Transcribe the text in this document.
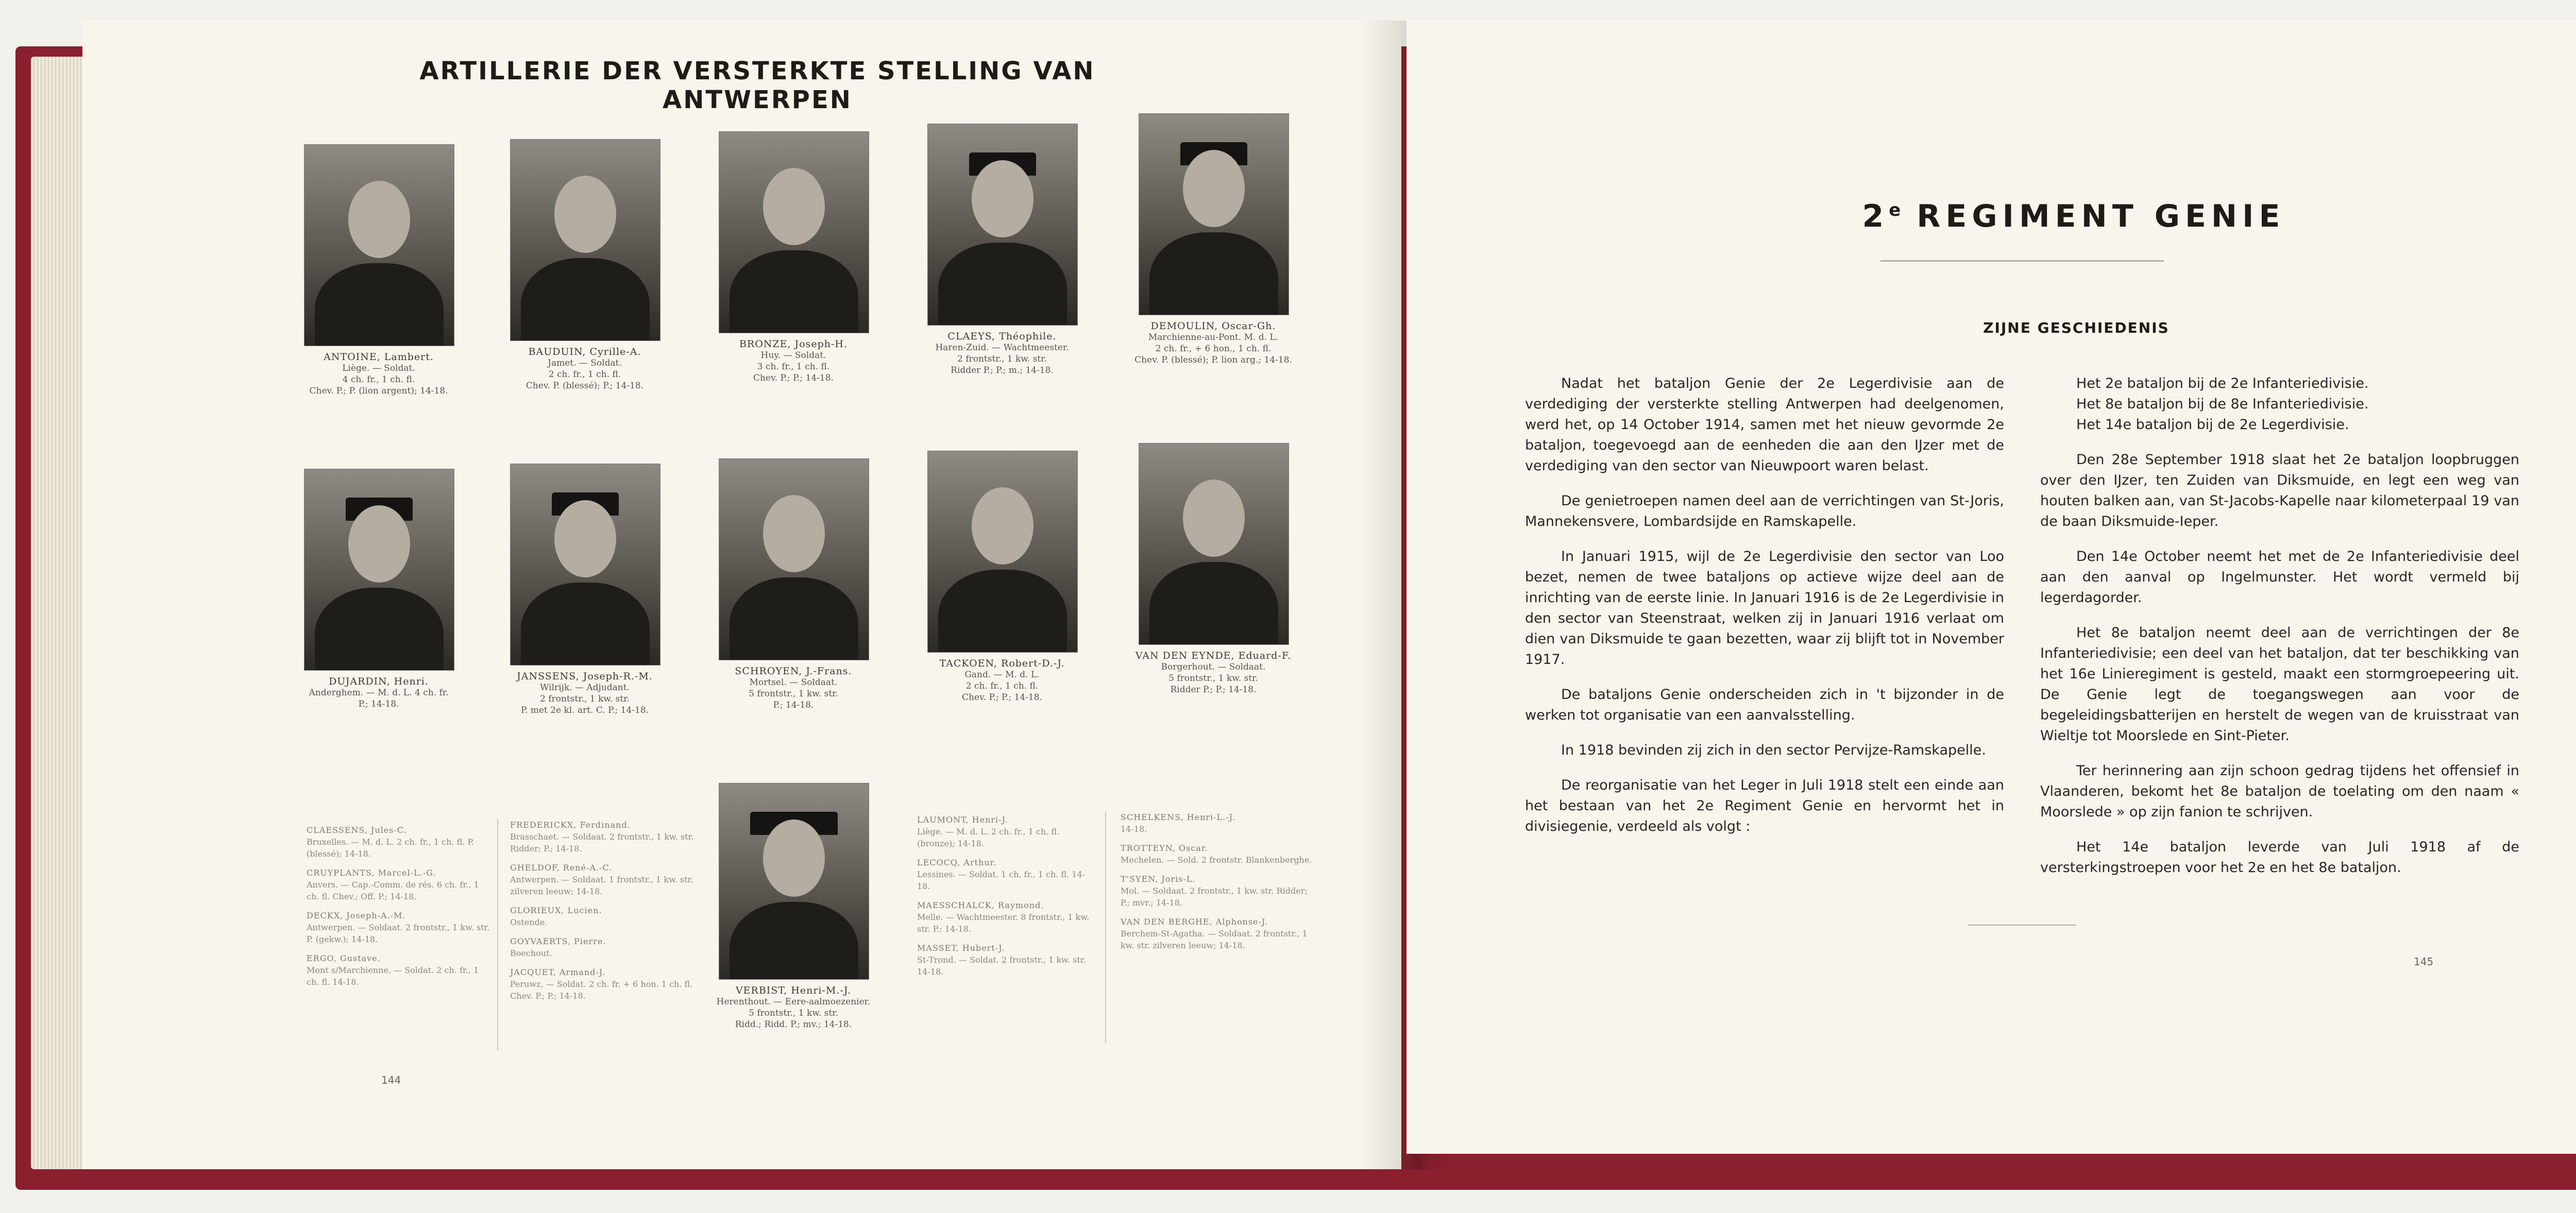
ARTILLERIE DER VERSTERKTE STELLING VAN ANTWERPEN
ANTOINE, Lambert.
Liège. — Soldat.
4 ch. fr., 1 ch. fl.
Chev. P.; P. (lion argent); 14-18.
BAUDUIN, Cyrille-A.
Jamet. — Soldat.
2 ch. fr., 1 ch. fl.
Chev. P. (blessé); P.; 14-18.
BRONZE, Joseph-H.
Huy. — Soldat.
3 ch. fr., 1 ch. fl.
Chev. P.; P.; 14-18.
CLAEYS, Théophile.
Haren-Zuid. — Wachtmeester.
2 frontstr., 1 kw. str.
Ridder P.; P.; m.; 14-18.
DEMOULIN, Oscar-Gh.
Marchienne-au-Pont. M. d. L.
2 ch. fr., + 6 hon., 1 ch. fl.
Chev. P. (blessé); P. lion arg.; 14-18.
DUJARDIN, Henri.
Anderghem. — M. d. L. 4 ch. fr.
P.; 14-18.
JANSSENS, Joseph-R.-M.
Wilrijk. — Adjudant.
2 frontstr., 1 kw. str.
P. met 2e kl. art. C. P.; 14-18.
SCHROYEN, J.-Frans.
Mortsel. — Soldaat.
5 frontstr., 1 kw. str.
P.; 14-18.
TACKOEN, Robert-D.-J.
Gand. — M. d. L.
2 ch. fr., 1 ch. fl.
Chev. P.; P.; 14-18.
VAN DEN EYNDE, Eduard-F.
Borgerhout. — Soldaat.
5 frontstr., 1 kw. str.
Ridder P.; P.; 14-18.

CLAESSENS, Jules-C.
Bruxelles. — M. d. L. 2 ch. fr., 1 ch. fl. P. (blessé); 14-18.

CRUYPLANTS, Marcel-L.-G.
Anvers. — Cap.-Comm. de rés. 6 ch. fr., 1 ch. fl. Chev.; Off. P.; 14-18.

DECKX, Joseph-A.-M.
Antwerpen. — Soldaat. 2 frontstr., 1 kw. str. P. (gekw.); 14-18.

ERGO, Gustave.
Mont s/Marchienne. — Soldat. 2 ch. fr., 1 ch. fl. 14-18.

FREDERICKX, Ferdinand.
Brasschaet. — Soldaat. 2 frontstr., 1 kw. str. Ridder; P.; 14-18.

GHELDOF, René-A.-C.
Antwerpen. — Soldaat. 1 frontstr., 1 kw. str. zilveren leeuw; 14-18.

GLORIEUX, Lucien.
Ostende.

GOYVAERTS, Pierre.
Boechout.

JACQUET, Armand-J.
Peruwz. — Soldat. 2 ch. fr. + 6 hon. 1 ch. fl. Chev. P.; P.; 14-18.	VERBIST, Henri-M.-J.
Herenthout. — Eere-aalmoezenier.
5 frontstr., 1 kw. str.
Ridd.; Ridd. P.; mv.; 14-18.

LAUMONT, Henri-J.
Liège. — M. d. L. 2 ch. fr., 1 ch. fl. (bronze); 14-18.

LECOCQ, Arthur.
Lessines. — Soldat. 1 ch. fr., 1 ch. fl. 14-18.

MAESSCHALCK, Raymond.
Melle. — Wachtmeester. 8 frontstr., 1 kw. str. P.; 14-18.

MASSET, Hubert-J.
St-Trond. — Soldat. 2 frontstr., 1 kw. str. 14-18.

SCHELKENS, Henri-L.-J.
14-18.

TROTTEYN, Oscar.
Mechelen. — Sold. 2 frontstr. Blankenberghe.

T'SYEN, Joris-L.
Mol. — Soldaat. 2 frontstr., 1 kw. str. Ridder; P.; mvr.; 14-18.

VAN DEN BERGHE, Alphonse-J.
Berchem-St-Agatha. — Soldaat. 2 frontstr., 1 kw. str. zilveren leeuw; 14-18.

144
2e REGIMENT GENIE
ZIJNE GESCHIEDENIS

Nadat het bataljon Genie der 2e Legerdivisie aan de verdediging der versterkte stelling Antwerpen had deelgenomen, werd het, op 14 October 1914, samen met het nieuw gevormde 2e bataljon, toegevoegd aan de eenheden die aan den IJzer met de verdediging van den sector van Nieuwpoort waren belast.

De genietroepen namen deel aan de verrichtingen van St-Joris, Mannekensvere, Lombardsijde en Ramskapelle.

In Januari 1915, wijl de 2e Legerdivisie den sector van Loo bezet, nemen de twee bataljons op actieve wijze deel aan de inrichting van de eerste linie. In Januari 1916 is de 2e Legerdivisie in den sector van Steenstraat, welken zij in Januari 1916 verlaat om dien van Diksmuide te gaan bezetten, waar zij blijft tot in November 1917.

De bataljons Genie onderscheiden zich in 't bijzonder in de werken tot organisatie van een aanvalsstelling.

In 1918 bevinden zij zich in den sector Pervijze-Ramskapelle.

De reorganisatie van het Leger in Juli 1918 stelt een einde aan het bestaan van het 2e Regiment Genie en hervormt het in divisiegenie, verdeeld als volgt :

Het 2e bataljon bij de 2e Infanteriedivisie.

Het 8e bataljon bij de 8e Infanteriedivisie.

Het 14e bataljon bij de 2e Legerdivisie.

Den 28e September 1918 slaat het 2e bataljon loopbruggen over den IJzer, ten Zuiden van Diksmuide, en legt een weg van houten balken aan, van St-Jacobs-Kapelle naar kilometerpaal 19 van de baan Diksmuide-Ieper.

Den 14e October neemt het met de 2e Infanteriedivisie deel aan den aanval op Ingelmunster. Het wordt vermeld bij legerdagorder.

Het 8e bataljon neemt deel aan de verrichtingen der 8e Infanteriedivisie; een deel van het bataljon, dat ter beschikking van het 16e Linieregiment is gesteld, maakt een stormgroepeering uit. De Genie legt de toegangswegen aan voor de begeleidingsbatterijen en herstelt de wegen van de kruisstraat van Wieltje tot Moorslede en Sint-Pieter.

Ter herinnering aan zijn schoon gedrag tijdens het offensief in Vlaanderen, bekomt het 8e bataljon de toelating om den naam « Moorslede » op zijn fanion te schrijven.

Het 14e bataljon leverde van Juli 1918 af de versterkingstroepen voor het 2e en het 8e bataljon.

145
